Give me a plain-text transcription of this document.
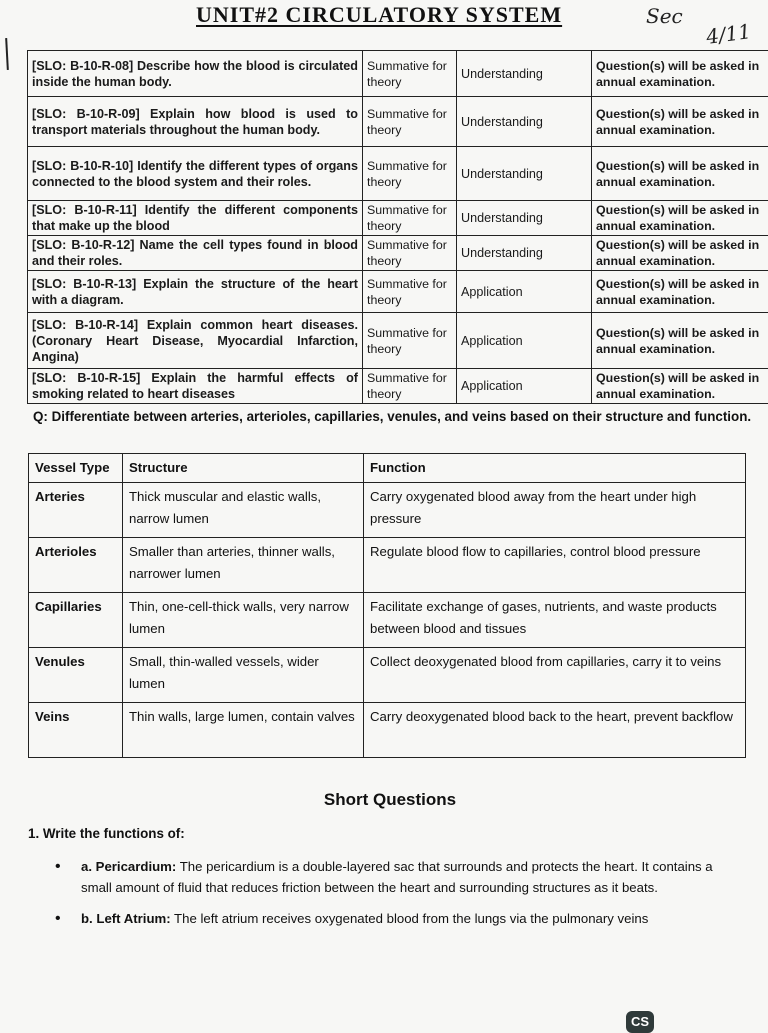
UNIT#2 CIRCULATORY SYSTEM	Sec
4/11
[SLO: B-10-R-08] Describe how the blood is circulated inside the human body.	Summative for theory	Understanding	Question(s) will be asked in annual examination.
[SLO: B-10-R-09] Explain how blood is used to transport materials throughout the human body.	Summative for theory	Understanding	Question(s) will be asked in annual examination.
[SLO: B-10-R-10] Identify the different types of organs connected to the blood system and their roles.	Summative for theory	Understanding	Question(s) will be asked in annual examination.
[SLO: B-10-R-11] Identify the different components that make up the blood	Summative for theory	Understanding	Question(s) will be asked in annual examination.
[SLO: B-10-R-12] Name the cell types found in blood and their roles.	Summative for theory	Understanding	Question(s) will be asked in annual examination.
[SLO: B-10-R-13] Explain the structure of the heart with a diagram.	Summative for theory	Application	Question(s) will be asked in annual examination.
[SLO: B-10-R-14] Explain common heart diseases. (Coronary Heart Disease, Myocardial Infarction, Angina)	Summative for theory	Application	Question(s) will be asked in annual examination.
[SLO: B-10-R-15] Explain the harmful effects of smoking related to heart diseases	Summative for theory	Application	Question(s) will be asked in annual examination.

Q: Differentiate between arteries, arterioles, capillaries, venules, and veins based on their structure and function.

Vessel Type	Structure	Function
Arteries	Thick muscular and elastic walls, narrow lumen	Carry oxygenated blood away from the heart under high pressure
Arterioles	Smaller than arteries, thinner walls, narrower lumen	Regulate blood flow to capillaries, control blood pressure
Capillaries	Thin, one-cell-thick walls, very narrow lumen	Facilitate exchange of gases, nutrients, and waste products between blood and tissues
Venules	Small, thin-walled vessels, wider lumen	Collect deoxygenated blood from capillaries, carry it to veins
Veins	Thin walls, large lumen, contain valves	Carry deoxygenated blood back to the heart, prevent backflow
Short Questions

1. Write the functions of:

• a. Pericardium: The pericardium is a double-layered sac that surrounds and protects the heart. It contains a small amount of fluid that reduces friction between the heart and surrounding structures as it beats.
• b. Left Atrium: The left atrium receives oxygenated blood from the lungs via the pulmonary veins
CS
